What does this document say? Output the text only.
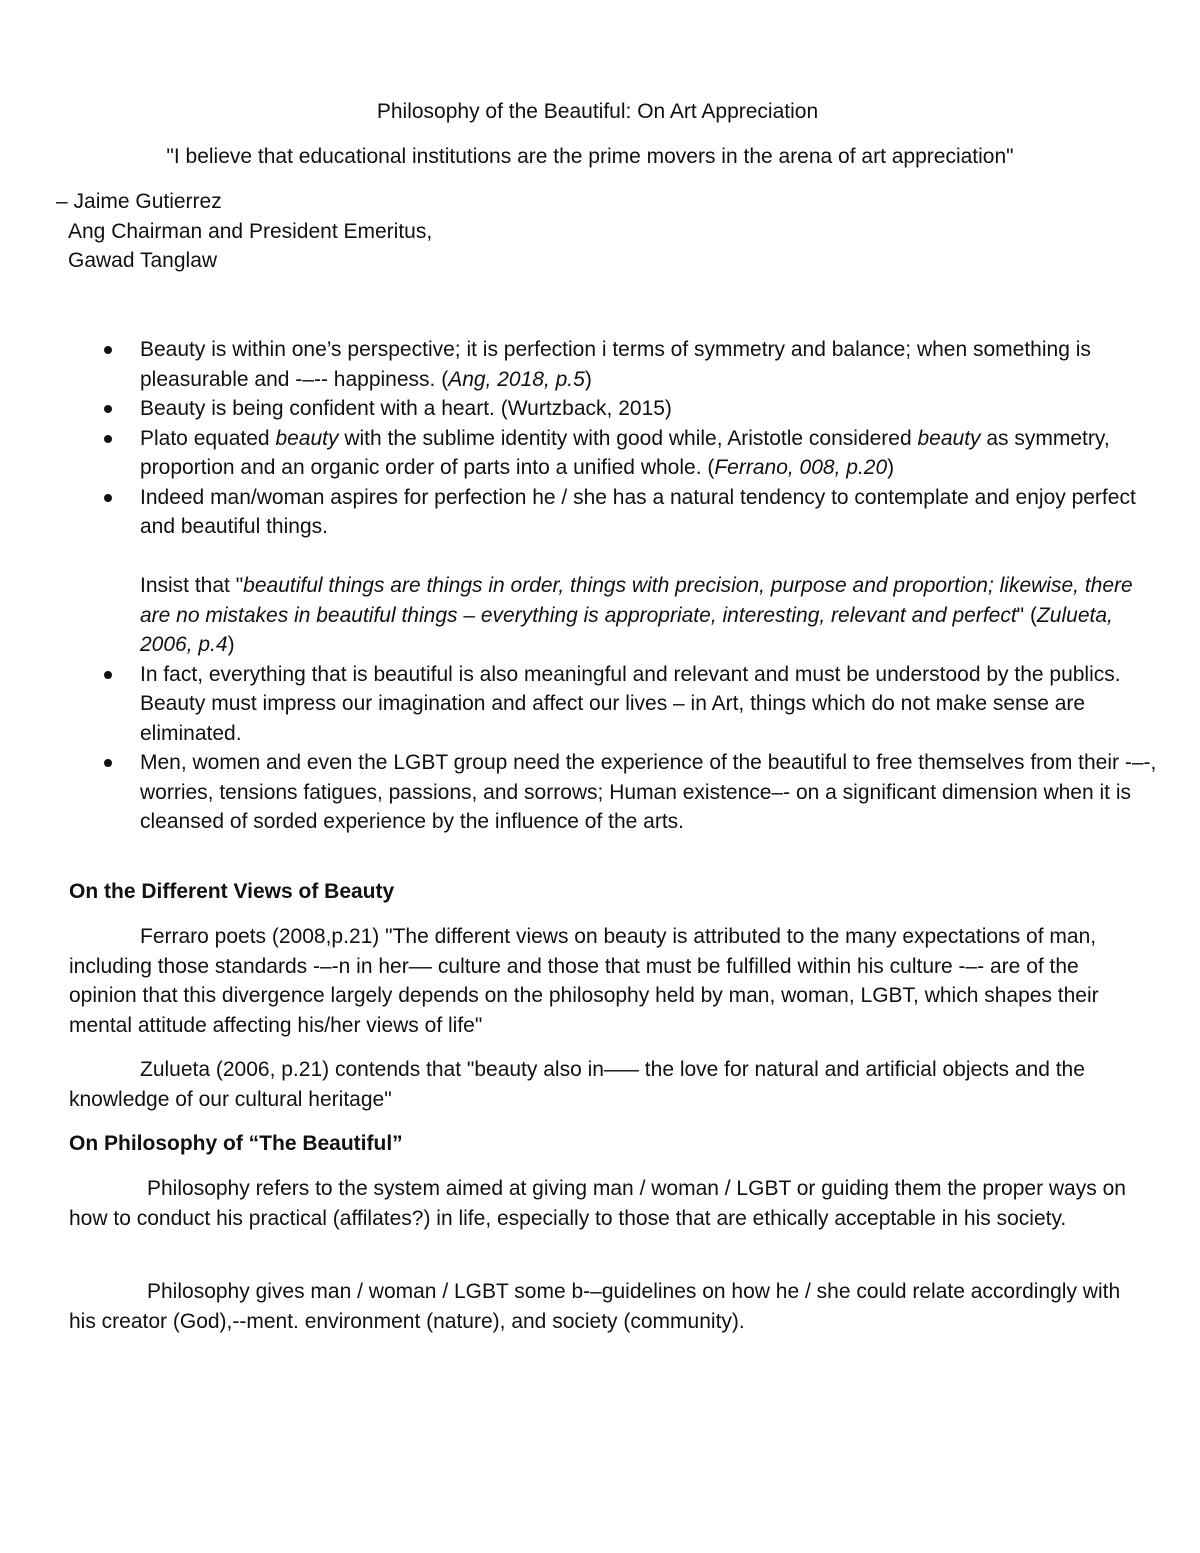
Philosophy of the Beautiful: On Art Appreciation
"I believe that educational institutions are the prime movers in the arena of art appreciation"
– Jaime Gutierrez
Ang Chairman and President Emeritus,
Gawad Tanglaw
Beauty is within one’s perspective; it is perfection i terms of symmetry and balance; when something is pleasurable and -–-- happiness. (Ang, 2018, p.5)
Beauty is being confident with a heart. (Wurtzback, 2015)
Plato equated beauty with the sublime identity with good while, Aristotle considered beauty as symmetry, proportion and an organic order of parts into a unified whole. (Ferrano, 008, p.20)
Indeed man/woman aspires for perfection he / she has a natural tendency to contemplate and enjoy perfect and beautiful things.
Insist that "beautiful things are things in order, things with precision, purpose and proportion; likewise, there are no mistakes in beautiful things – everything is appropriate, interesting, relevant and perfect" (Zulueta, 2006, p.4)
In fact, everything that is beautiful is also meaningful and relevant and must be understood by the publics. Beauty must impress our imagination and affect our lives – in Art, things which do not make sense are eliminated.
Men, women and even the LGBT group need the experience of the beautiful to free themselves from their -–-, worries, tensions fatigues, passions, and sorrows; Human existence–- on a significant dimension when it is cleansed of sorded experience by the influence of the arts.
On the Different Views of Beauty
Ferraro poets (2008,p.21) "The different views on beauty is attributed to the many expectations of man, including those standards -–-n in her–– culture and those that must be fulfilled within his culture -–- are of the opinion that this divergence largely depends on the philosophy held by man, woman, LGBT, which shapes their mental attitude affecting his/her views of life"
Zulueta (2006, p.21) contends that "beauty also in––– the love for natural and artificial objects and the knowledge of our cultural heritage"
On Philosophy of “The Beautiful”
Philosophy refers to the system aimed at giving man / woman / LGBT or guiding them the proper ways on how to conduct his practical (affilates?) in life, especially to those that are ethically acceptable in his society.
Philosophy gives man / woman / LGBT some b-–guidelines on how he / she could relate accordingly with his creator (God),--ment. environment (nature), and society (community).
